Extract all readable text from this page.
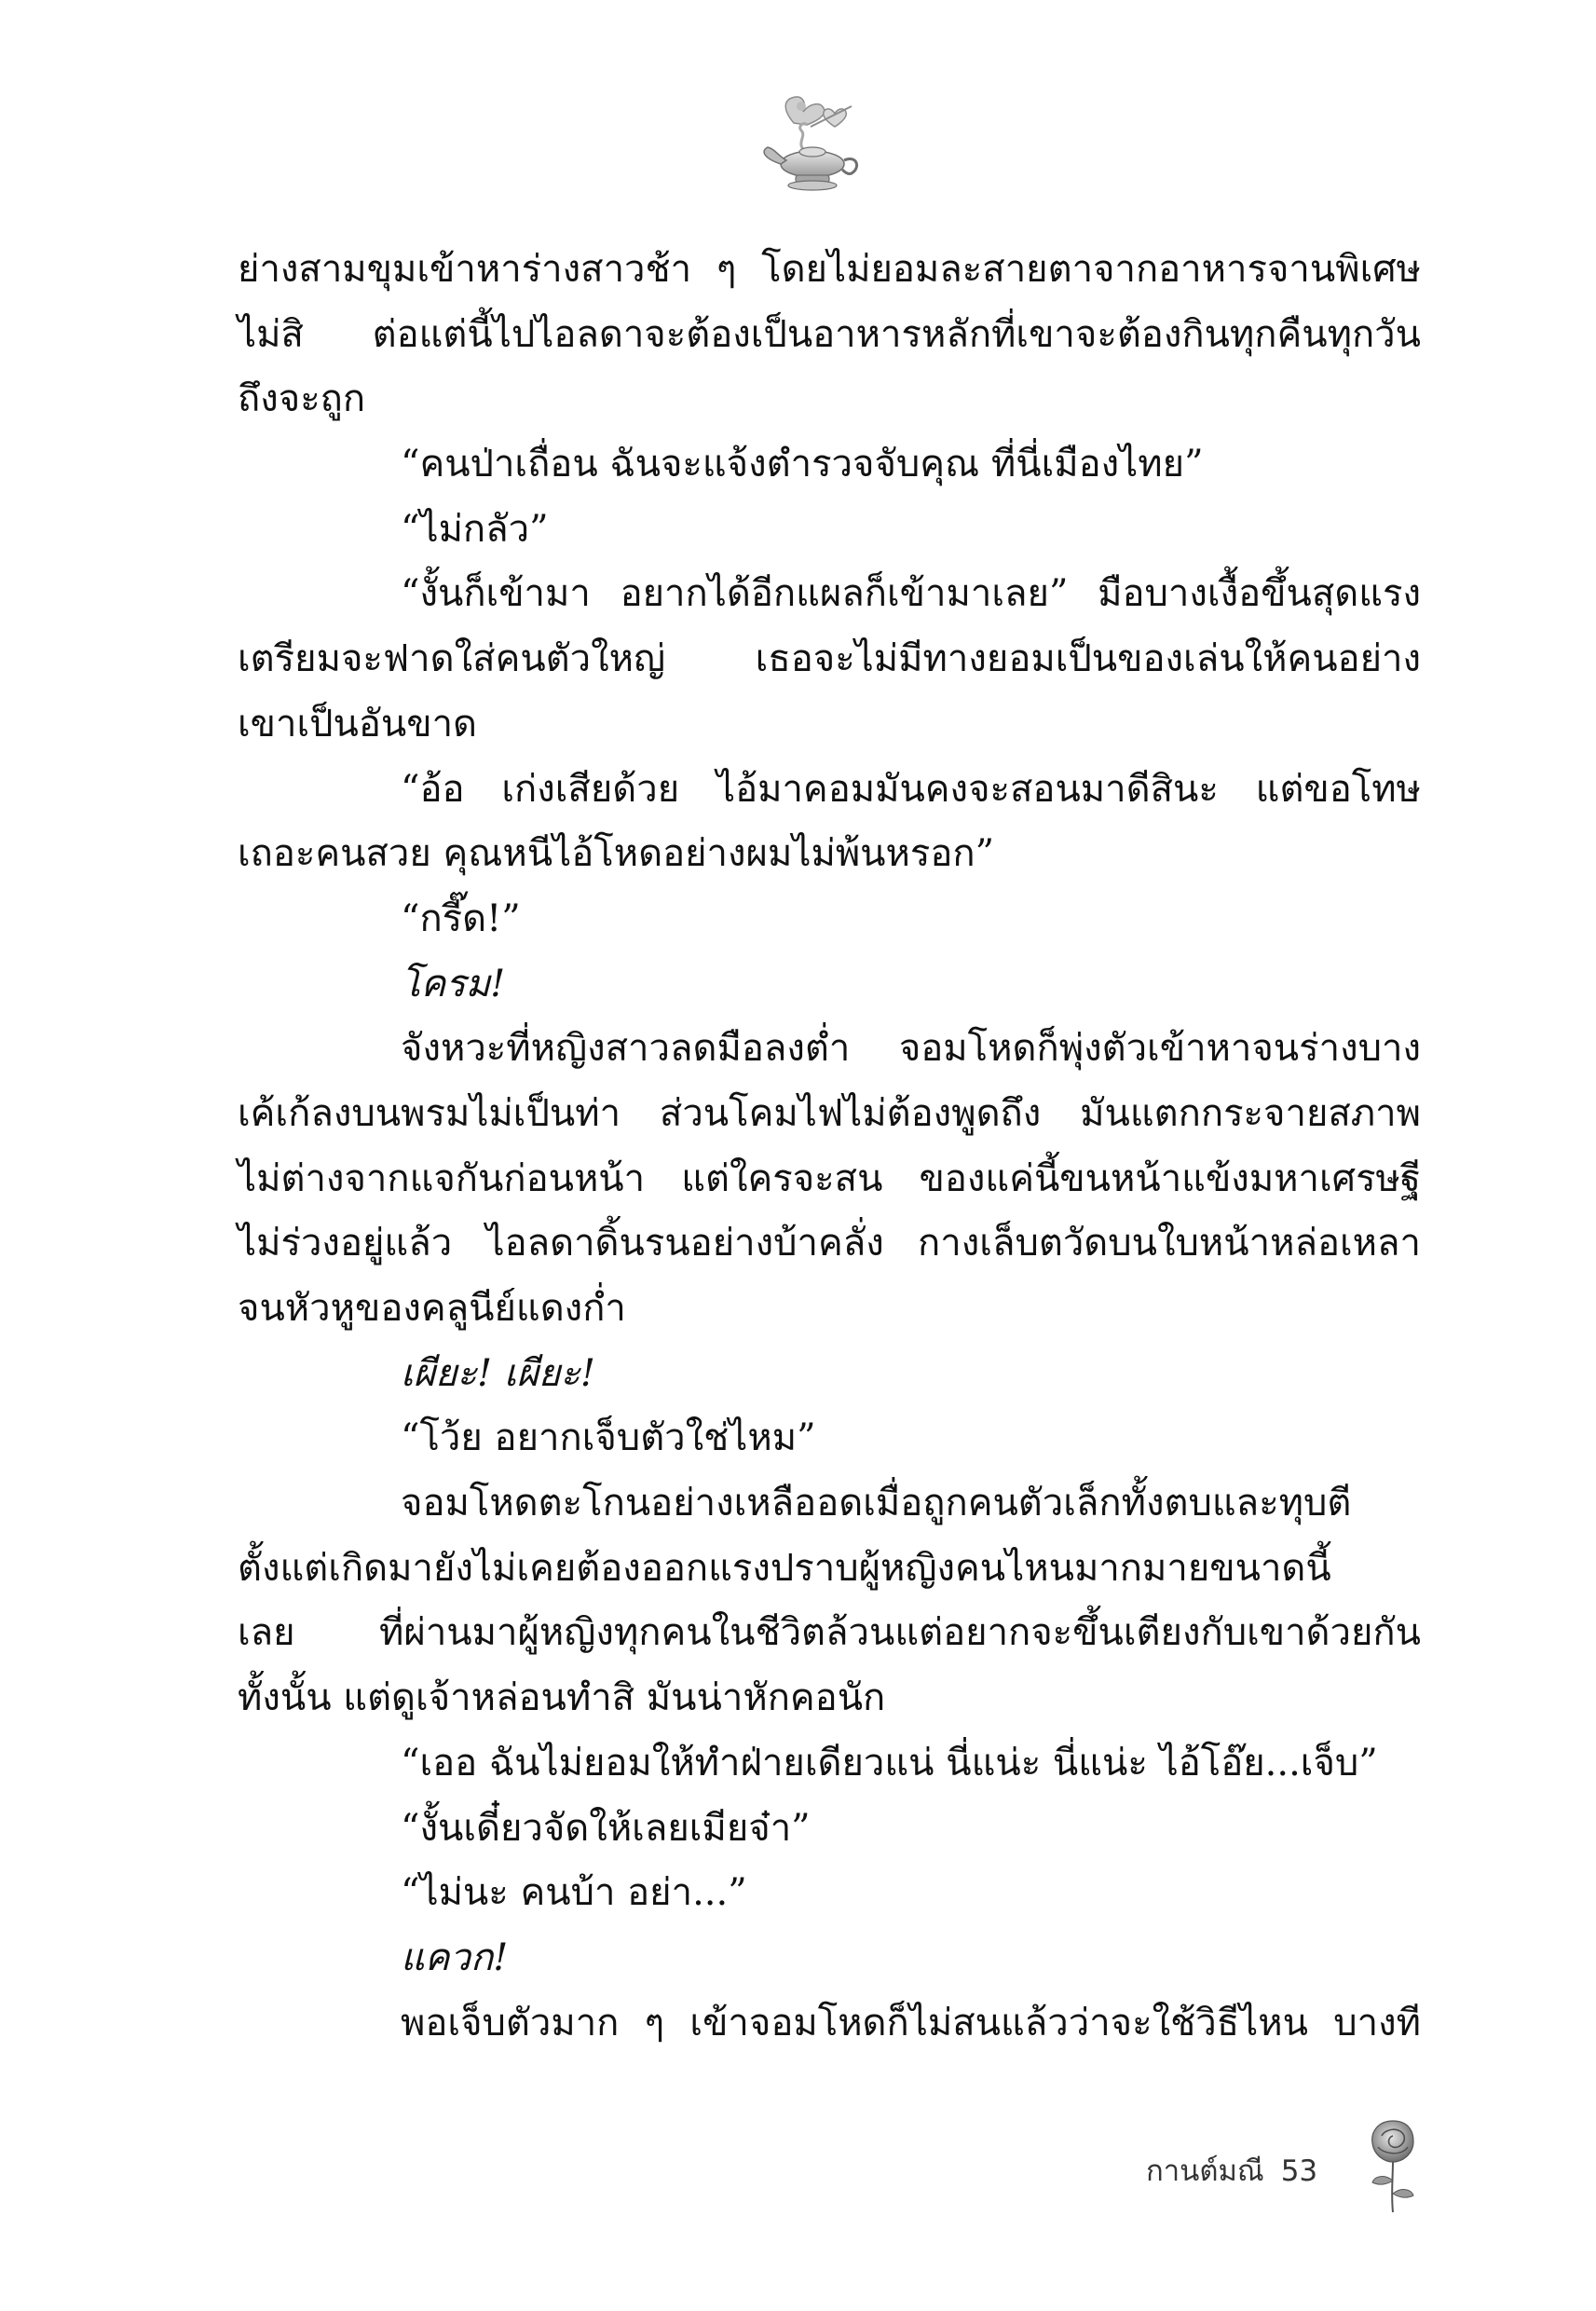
ย่างสามขุมเข้าหาร่างสาวช้า ๆ โดยไม่ยอมละสายตาจากอาหารจานพิเศษ
ไม่สิ ต่อแต่นี้ไปไอลดาจะต้องเป็นอาหารหลักที่เขาจะต้องกินทุกคืนทุกวัน
ถึงจะถูก
“คนป่าเถื่อน ฉันจะแจ้งตำรวจจับคุณ ที่นี่เมืองไทย”
“ไม่กลัว”
“งั้นก็เข้ามา อยากได้อีกแผลก็เข้ามาเลย” มือบางเงื้อขึ้นสุดแรง
เตรียมจะฟาดใส่คนตัวใหญ่ เธอจะไม่มีทางยอมเป็นของเล่นให้คนอย่าง
เขาเป็นอันขาด
“อ้อ เก่งเสียด้วย ไอ้มาคอมมันคงจะสอนมาดีสินะ แต่ขอโทษ
เถอะคนสวย คุณหนีไอ้โหดอย่างผมไม่พ้นหรอก”
“กรี๊ด!”
โครม!
จังหวะที่หญิงสาวลดมือลงต่ำ จอมโหดก็พุ่งตัวเข้าหาจนร่างบาง
เค้เก้ลงบนพรมไม่เป็นท่า ส่วนโคมไฟไม่ต้องพูดถึง มันแตกกระจายสภาพ
ไม่ต่างจากแจกันก่อนหน้า แต่ใครจะสน ของแค่นี้ขนหน้าแข้งมหาเศรษฐี
ไม่ร่วงอยู่แล้ว ไอลดาดิ้นรนอย่างบ้าคลั่ง กางเล็บตวัดบนใบหน้าหล่อเหลา
จนหัวหูของคลูนีย์แดงก่ำ
เผียะ! เผียะ!
“โว้ย อยากเจ็บตัวใช่ไหม”
จอมโหดตะโกนอย่างเหลืออดเมื่อถูกคนตัวเล็กทั้งตบและทุบตี
ตั้งแต่เกิดมายังไม่เคยต้องออกแรงปราบผู้หญิงคนไหนมากมายขนาดนี้
เลย ที่ผ่านมาผู้หญิงทุกคนในชีวิตล้วนแต่อยากจะขึ้นเตียงกับเขาด้วยกัน
ทั้งนั้น แต่ดูเจ้าหล่อนทำสิ มันน่าหักคอนัก
“เออ ฉันไม่ยอมให้ทำฝ่ายเดียวแน่ นี่แน่ะ นี่แน่ะ ไอ้โอ๊ย...เจ็บ”
“งั้นเดี๋ยวจัดให้เลยเมียจ๋า”
“ไม่นะ คนบ้า อย่า...”
แควก!
พอเจ็บตัวมาก ๆ เข้าจอมโหดก็ไม่สนแล้วว่าจะใช้วิธีไหน บางที
กานต์มณี 53
